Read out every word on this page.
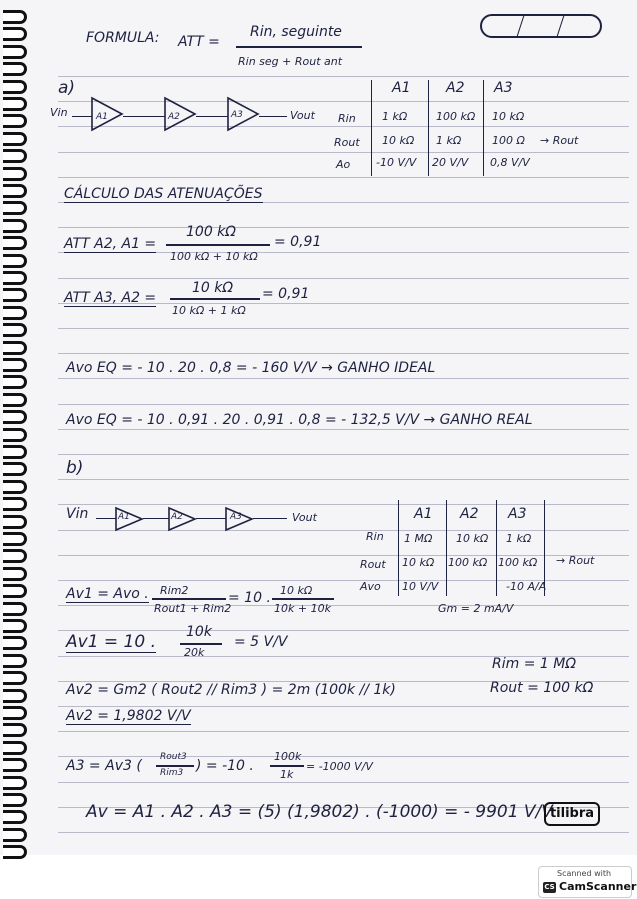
FORMULA: ATT =
Rin, seguinte
Rin seg + Rout ant
a)
Vin	A1	A2	A3	Vout
A1	A2 A3
Rin 1 kΩ	100 kΩ 10 kΩ
Rout 10 kΩ 1 kΩ	100 Ω → Rout
Ao -10 V/V 20 V/V 0,8 V/V
CÁLCULO DAS ATENUAÇÕES
ATT A2, A1 =
100 kΩ
100 kΩ + 10 kΩ
= 0,91
ATT A3, A2 =
10 kΩ
10 kΩ + 1 kΩ
= 0,91
Avo EQ = - 10 . 20 . 0,8 = - 160 V/V → GANHO IDEAL
Avo EQ = - 10 . 0,91 . 20 . 0,91 . 0,8 = - 132,5 V/V → GANHO REAL
b)
Vin	A1	A2	A3	Vout	A1 A2 A3
Rin 1 MΩ 10 kΩ 1 kΩ
Rout 10 kΩ 100 kΩ 100 kΩ → Rout
Avo 10 V/V	-10 A/A
Gm = 2 mA/V
Av1 = Avo . Rim2
Rout1 + Rim2
= 10 . 10 kΩ
10k + 10k
Av1 = 10 . 10k
20k
= 5 V/V
Rim = 1 MΩ
Rout = 100 kΩ
Av2 = Gm2 ( Rout2 // Rim3 ) = 2m (100k // 1k)
Av2 = 1,9802 V/V
A3 = Av3 (
Rout3
Rim3 ) = -10 .
100k
1k
= -1000 V/V
Av = A1 . A2 . A3 = (5) (1,9802) . (-1000) = - 9901 V/V
tilibra
Scanned with
CS CamScanner
